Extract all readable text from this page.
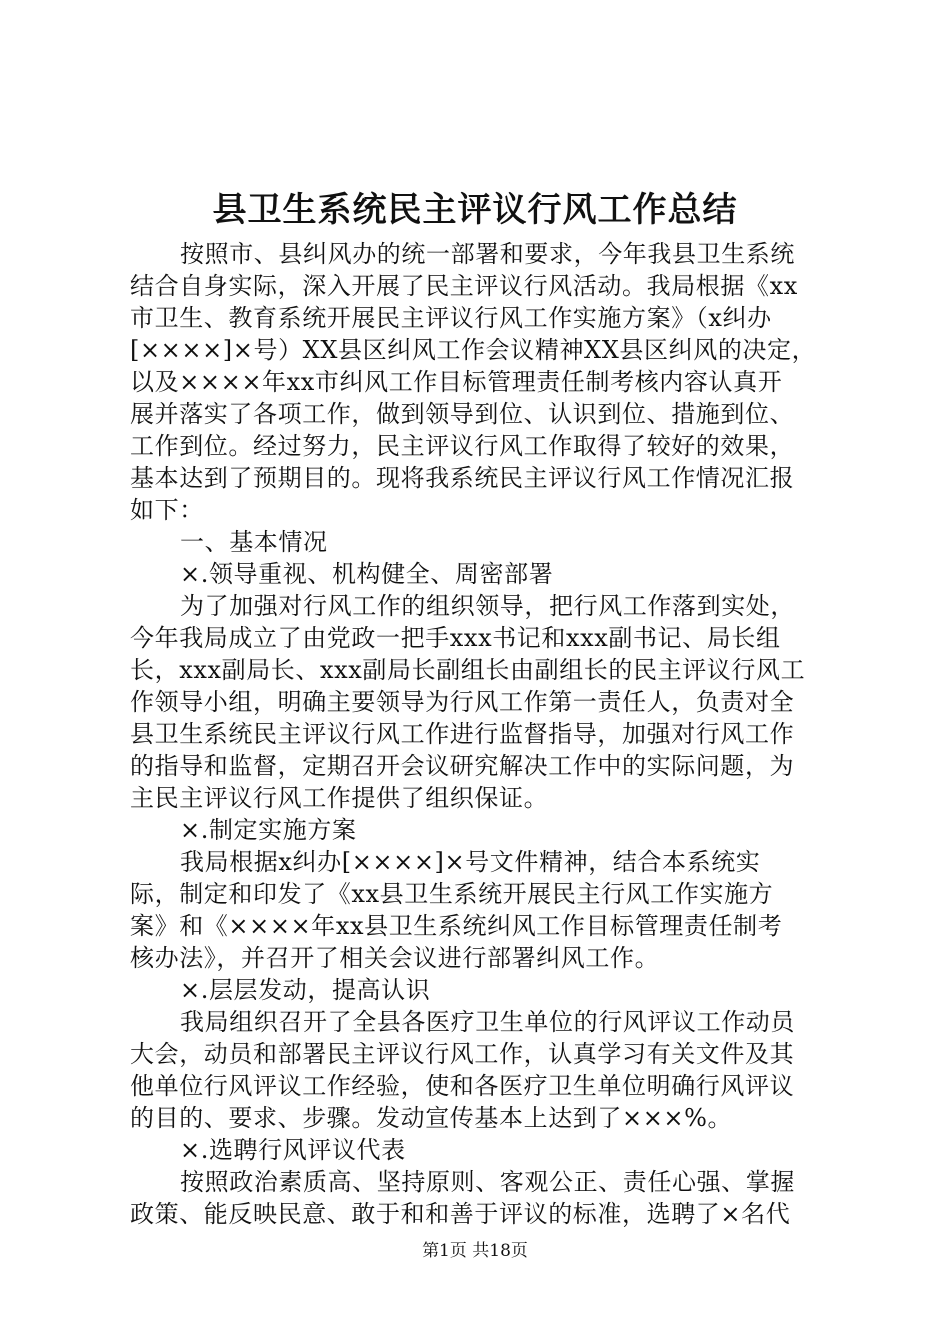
县卫生系统民主评议行风工作总结
按照市、县纠风办的统一部署和要求，今年我县卫生系统
结合自身实际，深入开展了民主评议行风活动。我局根据《xx
市卫生、教育系统开展民主评议行风工作实施方案》（x纠办
[××××]×号）XX县区纠风工作会议精神XX县区纠风的决定，
以及××××年xx市纠风工作目标管理责任制考核内容认真开
展并落实了各项工作，做到领导到位、认识到位、措施到位、
工作到位。经过努力，民主评议行风工作取得了较好的效果，
基本达到了预期目的。现将我系统民主评议行风工作情况汇报
如下：
一、基本情况
×.领导重视、机构健全、周密部署
为了加强对行风工作的组织领导，把行风工作落到实处，
今年我局成立了由党政一把手xxx书记和xxx副书记、局长组
长，xxx副局长、xxx副局长副组长由副组长的民主评议行风工
作领导小组，明确主要领导为行风工作第一责任人，负责对全
县卫生系统民主评议行风工作进行监督指导，加强对行风工作
的指导和监督，定期召开会议研究解决工作中的实际问题，为
主民主评议行风工作提供了组织保证。
×.制定实施方案
我局根据x纠办[××××]×号文件精神，结合本系统实
际，制定和印发了《xx县卫生系统开展民主行风工作实施方
案》和《××××年xx县卫生系统纠风工作目标管理责任制考
核办法》，并召开了相关会议进行部署纠风工作。
×.层层发动，提高认识
我局组织召开了全县各医疗卫生单位的行风评议工作动员
大会，动员和部署民主评议行风工作，认真学习有关文件及其
他单位行风评议工作经验，使和各医疗卫生单位明确行风评议
的目的、要求、步骤。发动宣传基本上达到了×××%。
×.选聘行风评议代表
按照政治素质高、坚持原则、客观公正、责任心强、掌握
政策、能反映民意、敢于和和善于评议的标准，选聘了×名代
第1页 共18页
